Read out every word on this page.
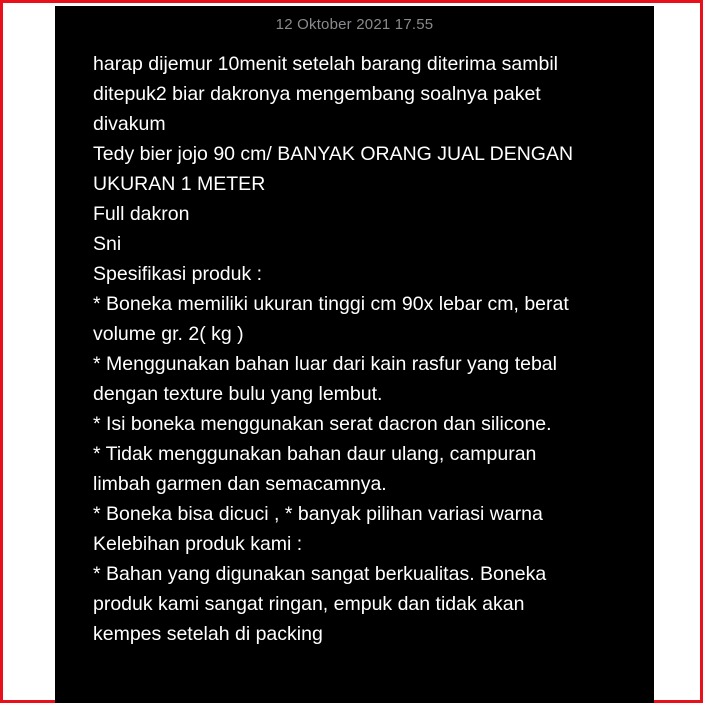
12 Oktober 2021 17.55
harap dijemur 10menit setelah barang diterima sambil
ditepuk2 biar dakronya mengembang soalnya paket
divakum
Tedy bier jojo 90 cm/ BANYAK ORANG JUAL DENGAN
UKURAN 1 METER
Full dakron
Sni
Spesifikasi produk :
* Boneka memiliki ukuran tinggi cm 90x lebar cm, berat
volume gr. 2( kg )
* Menggunakan bahan luar dari kain rasfur yang tebal
dengan texture bulu yang lembut.
* Isi boneka menggunakan serat dacron dan silicone.
* Tidak menggunakan bahan daur ulang, campuran
limbah garmen dan semacamnya.
* Boneka bisa dicuci , * banyak pilihan variasi warna
Kelebihan produk kami :
* Bahan yang digunakan sangat berkualitas. Boneka
produk kami sangat ringan, empuk dan tidak akan
kempes setelah di packing
